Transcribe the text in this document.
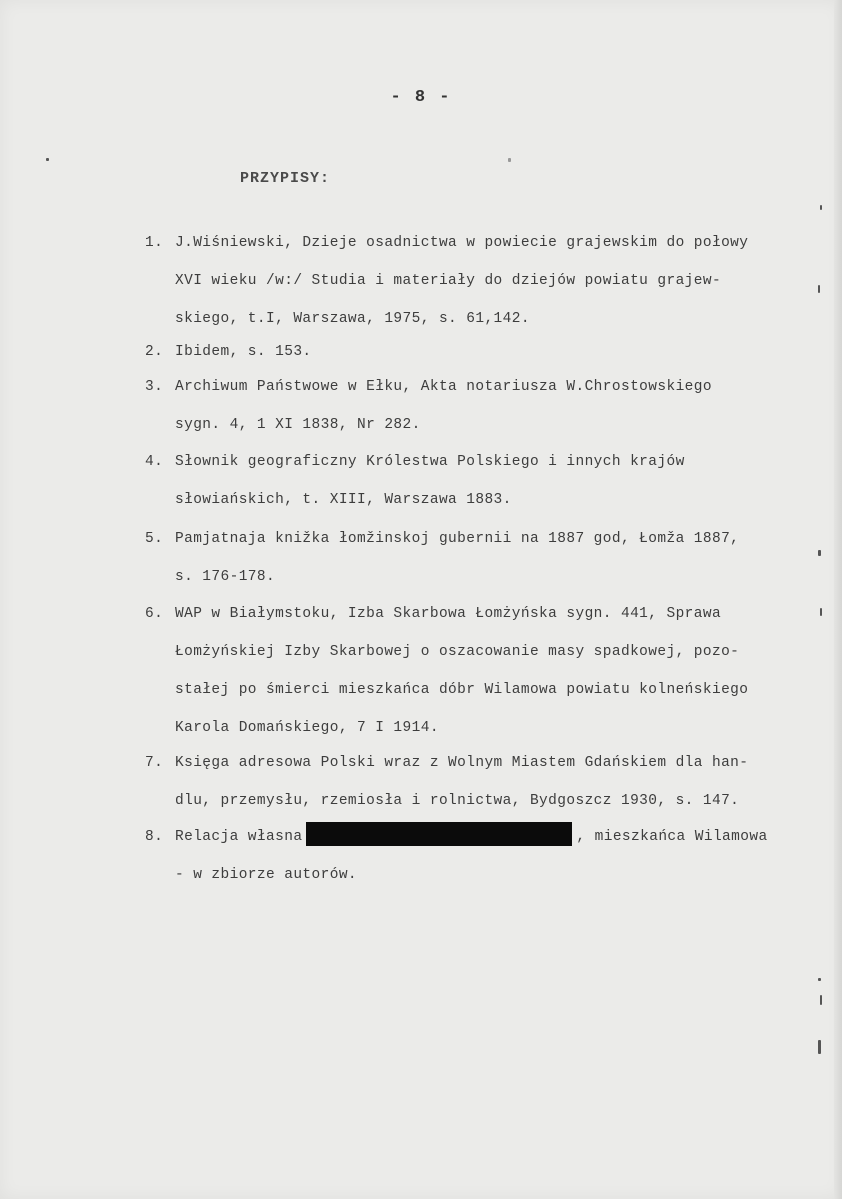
- 8 -
PRZYPISY:
1. J.Wiśniewski, Dzieje osadnictwa w powiecie grajewskim do połowy
XVI wieku /w:/ Studia i materiały do dziejów powiatu grajew-
skiego, t.I, Warszawa, 1975, s. 61,142.
2. Ibidem, s. 153.
3. Archiwum Państwowe w Ełku, Akta notariusza W.Chrostowskiego
sygn. 4, 1 XI 1838, Nr 282.
4. Słownik geograficzny Królestwa Polskiego i innych krajów
słowiańskich, t. XIII, Warszawa 1883.
5. Pamjatnaja knižka łomžinskoj gubernii na 1887 god, Łomža 1887,
s. 176-178.
6. WAP w Białymstoku, Izba Skarbowa Łomżyńska sygn. 441, Sprawa
Łomżyńskiej Izby Skarbowej o oszacowanie masy spadkowej, pozo-
stałej po śmierci mieszkańca dóbr Wilamowa powiatu kolneńskiego
Karola Domańskiego, 7 I 1914.
7. Księga adresowa Polski wraz z Wolnym Miastem Gdańskiem dla han-
dlu, przemysłu, rzemiosła i rolnictwa, Bydgoszcz 1930, s. 147.
8. Relacja własna	, mieszkańca Wilamowa
- w zbiorze autorów.
